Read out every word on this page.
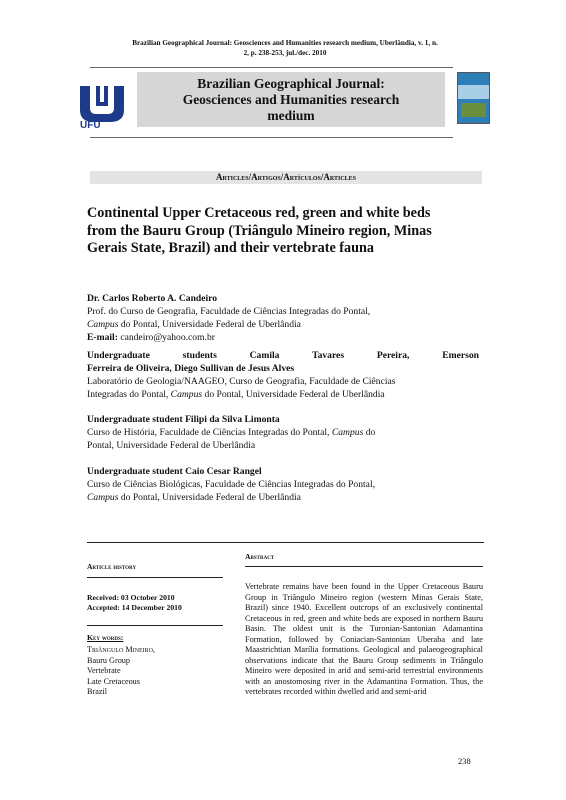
Brazilian Geographical Journal: Geosciences and Humanities research medium, Uberlândia, v. 1, n.
2, p. 238-253, jul./dec. 2010
UFU
Brazilian Geographical Journal:
Geosciences and Humanities research
medium
Articles/Artigos/Artículos/Articles
Continental Upper Cretaceous red, green and white beds
from the Bauru Group (Triângulo Mineiro region, Minas
Gerais State, Brazil) and their vertebrate fauna
Dr. Carlos Roberto A. Candeiro
Prof. do Curso de Geografia, Faculdade de Ciências Integradas do Pontal,
Campus do Pontal, Universidade Federal de Uberlândia
E-mail: candeiro@yahoo.com.br
Undergraduate students Camila Tavares Pereira, Emerson
Ferreira de Oliveira, Diego Sullivan de Jesus Alves
Laboratório de Geologia/NAAGEO, Curso de Geografia, Faculdade de Ciências
Integradas do Pontal, Campus do Pontal, Universidade Federal de Uberlândia
Undergraduate student Filipi da Silva Limonta
Curso de História, Faculdade de Ciências Integradas do Pontal, Campus do
Pontal, Universidade Federal de Uberlândia
Undergraduate student Caio Cesar Rangel
Curso de Ciências Biológicas, Faculdade de Ciências Integradas do Pontal,
Campus do Pontal, Universidade Federal de Uberlândia
Article history
Received: 03 October 2010
Accepted: 14 December 2010
Key words:
Triângulo Mineiro,
Bauru Group
Vertebrate
Late Cretaceous
Brazil
Abstract
Vertebrate remains have been found in the Upper Cretaceous Bauru Group in Triângulo Mineiro region (western Minas Gerais State, Brazil) since 1940. Excellent outcrops of an exclusively continental Cretaceous in red, green and white beds are exposed in northern Bauru Basin. The oldest unit is the Turonian-Santonian Adamantina Formation, followed by Coniacian-Santonian Uberaba and late Maastrichtian Marília formations. Geological and palaeogeographical observations indicate that the Bauru Group sediments in Triângulo Mineiro were deposited in arid and semi-arid terrestrial environments with an anostomosing river in the Adamantina Formation. Thus, the vertebrates recorded within dwelled arid and semi-arid
238
